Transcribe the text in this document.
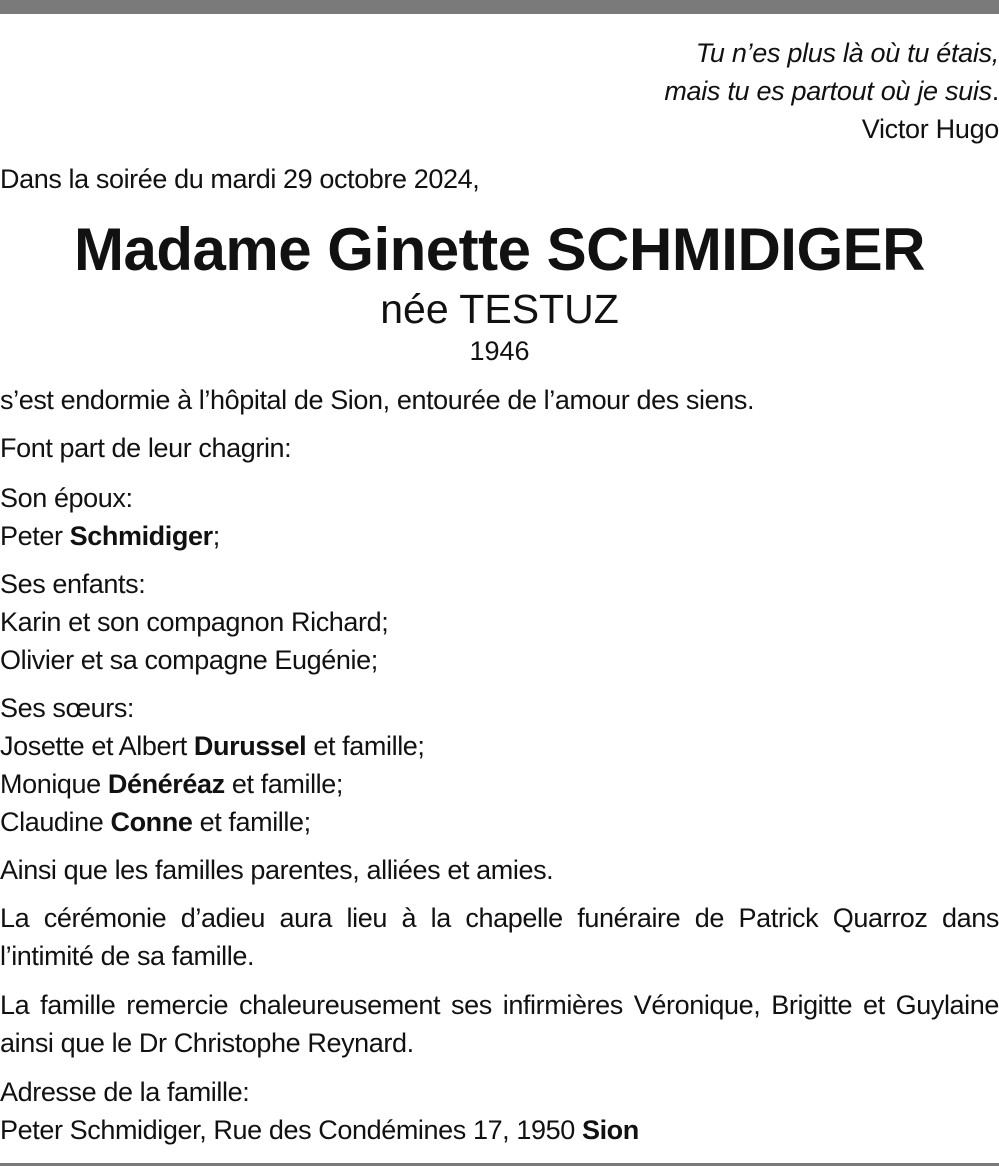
Tu n’es plus là où tu étais,
mais tu es partout où je suis.
Victor Hugo
Dans la soirée du mardi 29 octobre 2024,
Madame Ginette SCHMIDIGER
née TESTUZ
1946
s’est endormie à l’hôpital de Sion, entourée de l’amour des siens.
Font part de leur chagrin:
Son époux:
Peter Schmidiger;
Ses enfants:
Karin et son compagnon Richard;
Olivier et sa compagne Eugénie;
Ses sœurs:
Josette et Albert Durussel et famille;
Monique Dénéréaz et famille;
Claudine Conne et famille;
Ainsi que les familles parentes, alliées et amies.
La cérémonie d’adieu aura lieu à la chapelle funéraire de Patrick Quarroz dans l’intimité de sa famille.
La famille remercie chaleureusement ses infirmières Véronique, Brigitte et Guylaine ainsi que le Dr Christophe Reynard.
Adresse de la famille:
Peter Schmidiger, Rue des Condémines 17, 1950 Sion
